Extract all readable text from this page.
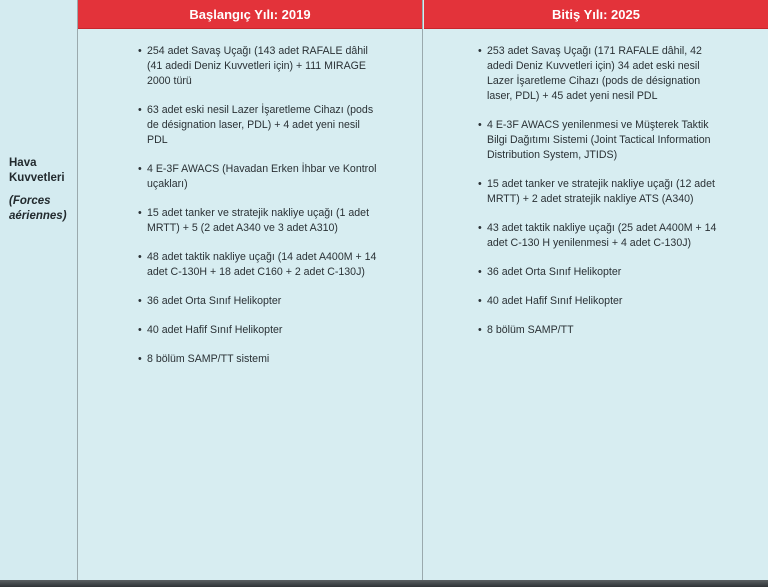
Başlangıç Yılı: 2019	Bitiş Yılı: 2025
Hava Kuvvetleri
(Forces aériennes)
• 254 adet Savaş Uçağı (143 adet RAFALE dâhil (41 adedi Deniz Kuvvetleri için) + 111 MIRAGE 2000 türü
• 63 adet eski nesil Lazer İşaretleme Cihazı (pods de désignation laser, PDL) + 4 adet yeni nesil PDL
• 4 E-3F AWACS (Havadan Erken İhbar ve Kontrol uçakları)
• 15 adet tanker ve stratejik nakliye uçağı (1 adet MRTT) + 5 (2 adet A340 ve 3 adet A310)
• 48 adet taktik nakliye uçağı (14 adet A400M + 14 adet C-130H + 18 adet C160 + 2 adet C-130J)
• 36 adet Orta Sınıf Helikopter
• 40 adet Hafif Sınıf Helikopter
• 8 bölüm SAMP/TT sistemi
• 253 adet Savaş Uçağı (171 RAFALE dâhil, 42 adedi Deniz Kuvvetleri için) 34 adet eski nesil Lazer İşaretleme Cihazı (pods de désignation laser, PDL) + 45 adet yeni nesil PDL
• 4 E-3F AWACS yenilenmesi ve Müşterek Taktik Bilgi Dağıtımı Sistemi (Joint Tactical Information Distribution System, JTIDS)
• 15 adet tanker ve stratejik nakliye uçağı (12 adet MRTT) + 2 adet stratejik nakliye ATS (A340)
• 43 adet taktik nakliye uçağı (25 adet A400M + 14 adet C-130 H yenilenmesi + 4 adet C-130J)
• 36 adet Orta Sınıf Helikopter
• 40 adet Hafif Sınıf Helikopter
• 8 bölüm SAMP/TT
